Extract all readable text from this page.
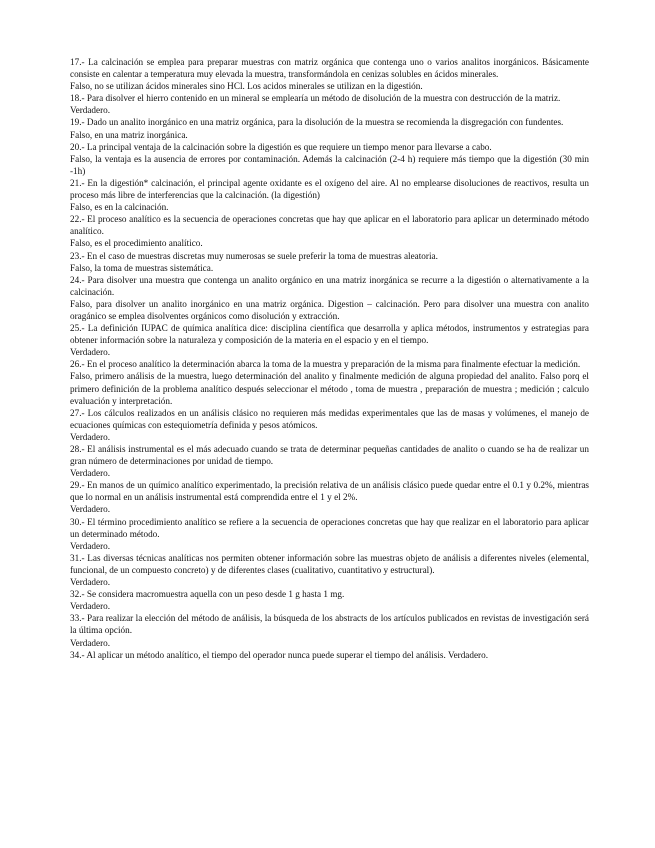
17.- La calcinación se emplea para preparar muestras con matriz orgánica que contenga uno o varios analitos inorgánicos. Básicamente consiste en calentar a temperatura muy elevada la muestra, transformándola en cenizas solubles en ácidos minerales.

Falso, no se utilizan ácidos minerales sino HCl. Los acidos minerales se utilizan en la digestión.

18.- Para disolver el hierro contenido en un mineral se emplearía un método de disolución de la muestra con destrucción de la matriz.

Verdadero.

19.- Dado un analito inorgánico en una matriz orgánica, para la disolución de la muestra se recomienda la disgregación con fundentes.

Falso, en una matriz inorgánica.

20.- La principal ventaja de la calcinación sobre la digestión es que requiere un tiempo menor para llevarse a cabo.

Falso, la ventaja es la ausencia de errores por contaminación. Además la calcinación (2-4 h) requiere más tiempo que la digestión (30 min -1h)

21.- En la digestión* calcinación, el principal agente oxidante es el oxígeno del aire. Al no emplearse disoluciones de reactivos, resulta un proceso más libre de interferencias que la calcinación. (la digestión)

Falso, es en la calcinación.

22.- El proceso analítico es la secuencia de operaciones concretas que hay que aplicar en el laboratorio para aplicar un determinado método analítico.

Falso, es el procedimiento analítico.

23.- En el caso de muestras discretas muy numerosas se suele preferir la toma de muestras aleatoria.

Falso, la toma de muestras sistemática.

24.- Para disolver una muestra que contenga un analito orgánico en una matriz inorgánica se recurre a la digestión o alternativamente a la calcinación.

Falso, para disolver un analito inorgánico en una matriz orgánica. Digestion – calcinación. Pero para disolver una muestra con analito oragánico se emplea disolventes orgánicos como disolución y extracción.

25.- La definición IUPAC de química analítica dice: disciplina científica que desarrolla y aplica métodos, instrumentos y estrategias para obtener información sobre la naturaleza y composición de la materia en el espacio y en el tiempo.

Verdadero.

26.- En el proceso analítico la determinación abarca la toma de la muestra y preparación de la misma para finalmente efectuar la medición.

Falso, primero análisis de la muestra, luego determinación del analito y finalmente medición de alguna propiedad del analito. Falso porq el primero definición de la problema analítico después seleccionar el método , toma de muestra , preparación de muestra ; medición ; calculo evaluación y interpretación.

27.- Los cálculos realizados en un análisis clásico no requieren más medidas experimentales que las de masas y volúmenes, el manejo de ecuaciones químicas con estequiometría definida y pesos atómicos.

Verdadero.

28.- El análisis instrumental es el más adecuado cuando se trata de determinar pequeñas cantidades de analito o cuando se ha de realizar un gran número de determinaciones por unidad de tiempo.

Verdadero.

29.- En manos de un químico analítico experimentado, la precisión relativa de un análisis clásico puede quedar entre el 0.1 y 0.2%, mientras que lo normal en un análisis instrumental está comprendida entre el 1 y el 2%.

Verdadero.

30.- El término procedimiento analítico se refiere a la secuencia de operaciones concretas que hay que realizar en el laboratorio para aplicar un determinado método.

Verdadero.

31.- Las diversas técnicas analíticas nos permiten obtener información sobre las muestras objeto de análisis a diferentes niveles (elemental, funcional, de un compuesto concreto) y de diferentes clases (cualitativo, cuantitativo y estructural).

Verdadero.

32.- Se considera macromuestra aquella con un peso desde 1 g hasta 1 mg.

Verdadero.

33.- Para realizar la elección del método de análisis, la búsqueda de los abstracts de los artículos publicados en revistas de investigación será la última opción.

Verdadero.

34.- Al aplicar un método analítico, el tiempo del operador nunca puede superar el tiempo del análisis. Verdadero.
